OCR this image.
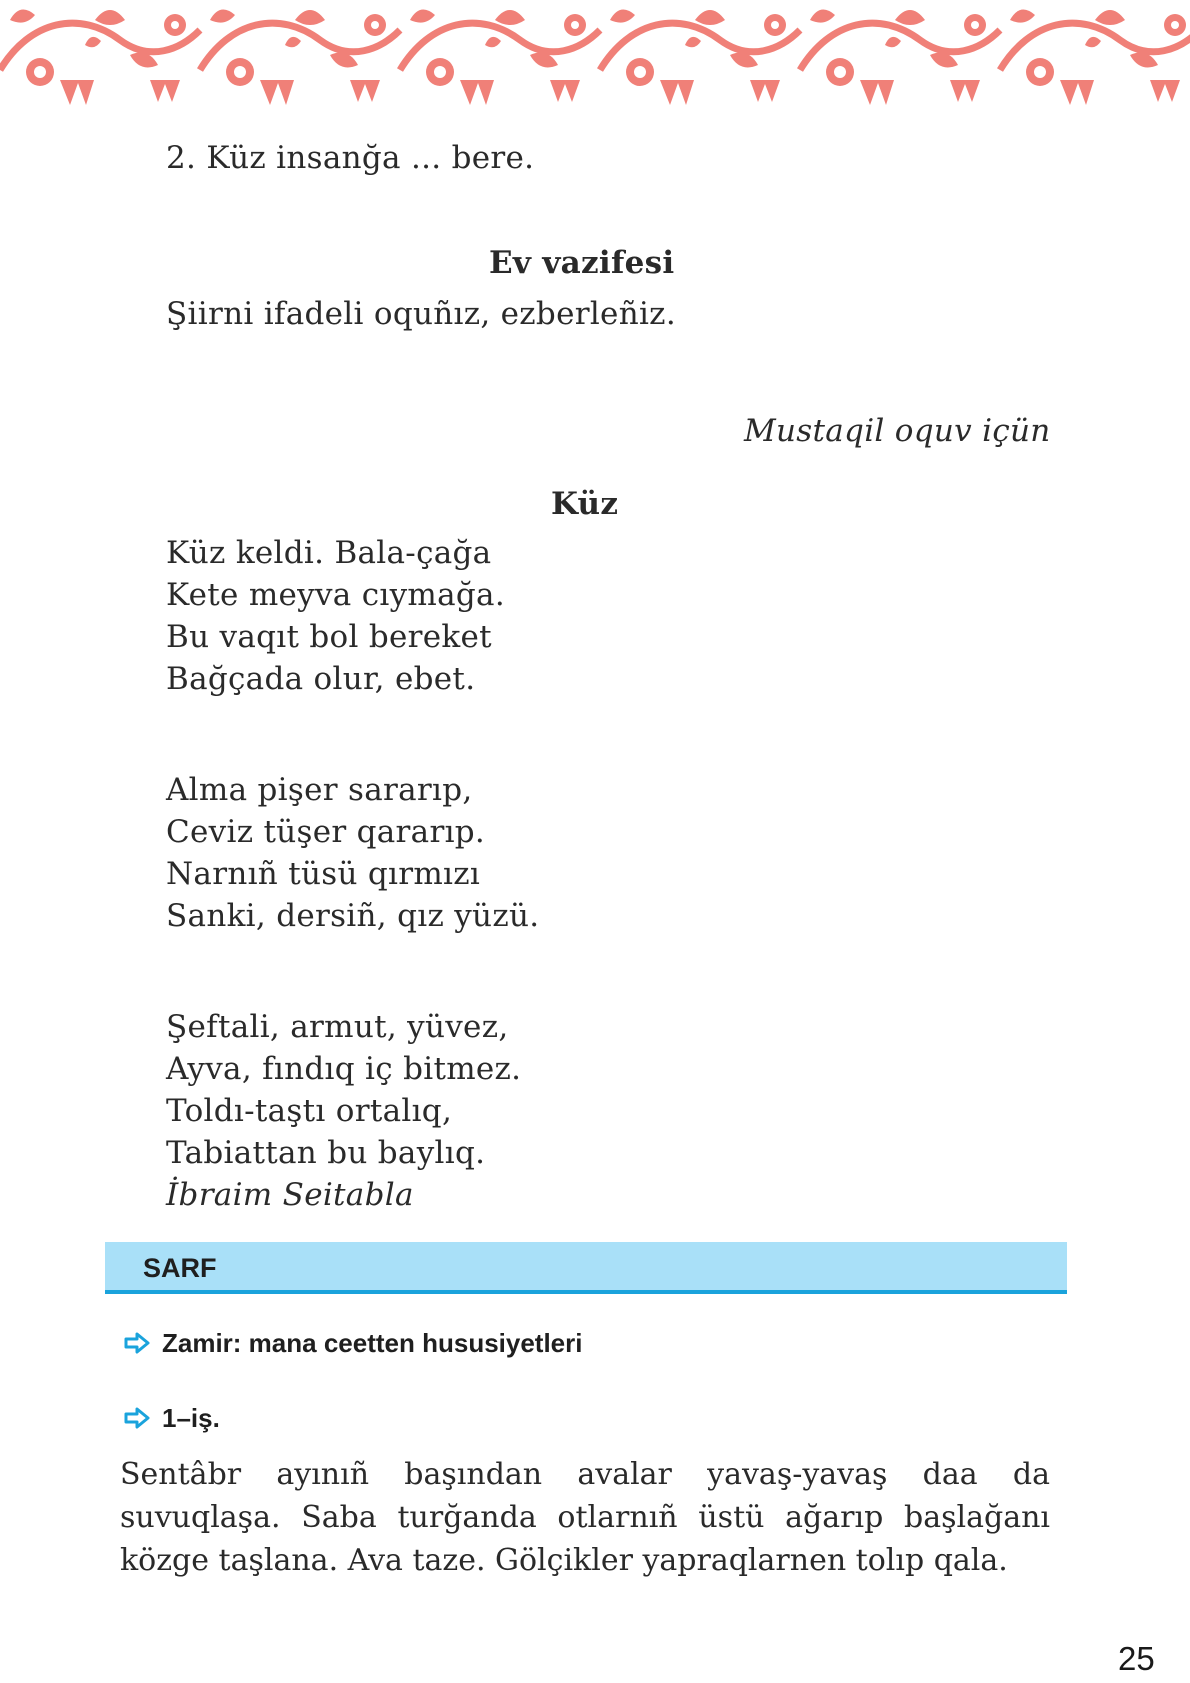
2. Küz insanğa ... bere.

Ev vazifesi

Şiirni ifadeli oquñız, ezberleñiz.

Mustaqil oquv içün

Küz

Küz keldi. Bala-çağa

Kete meyva cıymağa.

Bu vaqıt bol bereket

Bağçada olur, ebet.

Alma pişer sararıp,

Ceviz tüşer qararıp.

Narnıñ tüsü qırmızı

Sanki, dersiñ, qız yüzü.

Şeftali, armut, yüvez,

Ayva, fındıq iç bitmez.

Toldı-taştı ortalıq,

Tabiattan bu baylıq.

İbraim Seitabla

SARF
Zamir: mana ceetten hususiyetleri
1–iş.

Sentâbr ayınıñ başından avalar yavaş-yavaş daa da suvuqlaşa. Saba turğanda otlarnıñ üstü ağarıp başlağanı közge taşlana. Ava taze. Gölçikler yapraqlarnen tolıp qala.

25
